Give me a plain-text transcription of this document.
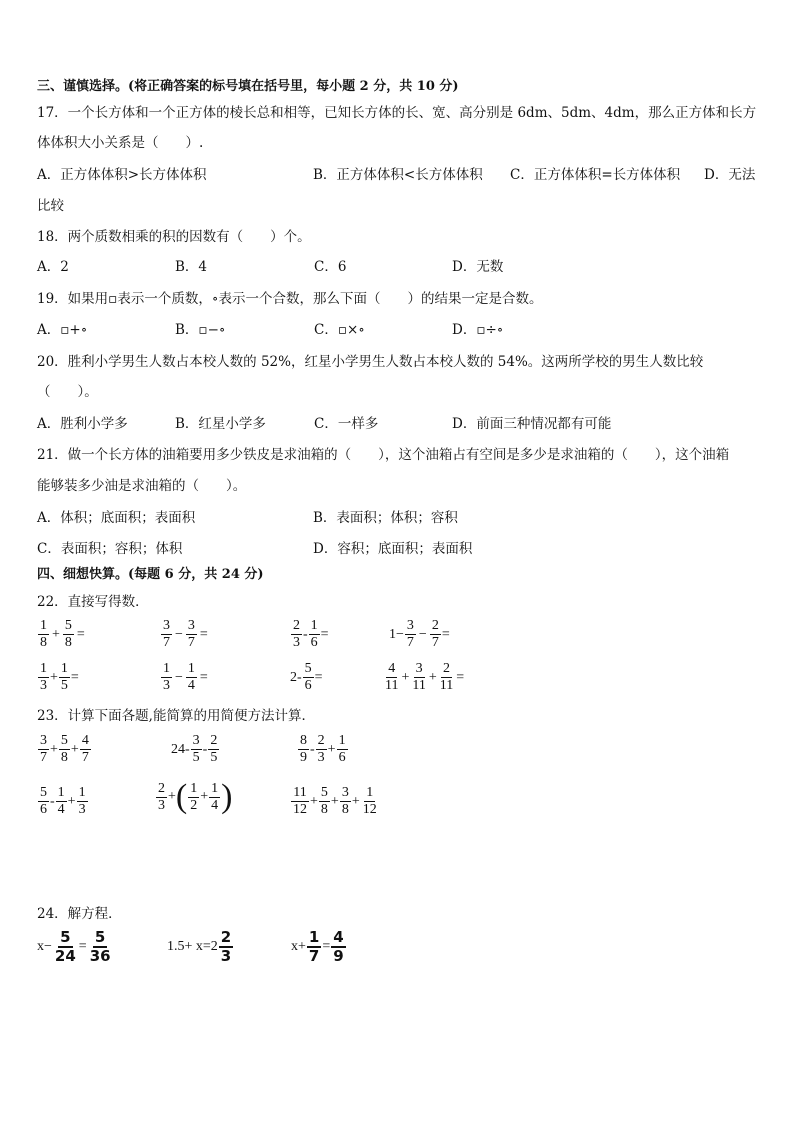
三、谨慎选择。(将正确答案的标号填在括号里，每小题 2 分，共 10 分)
17．一个长方体和一个正方体的棱长总和相等，已知长方体的长、宽、高分别是 6dm、5dm、4dm，那么正方体和长方
体体积大小关系是（　　）.
A．正方体体积>长方体体积	B．正方体体积<长方体体积 C．正方体体积=长方体体积 D．无法
比较
18．两个质数相乘的积的因数有（　　）个。
A．2	B．4	C．6	D．无数
19．如果用▫表示一个质数，∘表示一个合数，那么下面（　　）的结果一定是合数。
A．▫+∘	B．▫−∘	C．▫×∘	D．▫÷∘
20．胜利小学男生人数占本校人数的 52%，红星小学男生人数占本校人数的 54%。这两所学校的男生人数比较
（　　）。
A．胜利小学多	B．红星小学多	C．一样多	D．前面三种情况都有可能
21．做一个长方体的油箱要用多少铁皮是求油箱的（　　），这个油箱占有空间是多少是求油箱的（　　），这个油箱
能够装多少油是求油箱的（　　）。
A．体积；底面积；表面积	B．表面积；体积；容积
C．表面积；容积；体积	D．容积；底面积；表面积
四、细想快算。(每题 6 分，共 24 分)
22．直接写得数．
$\frac{1}{8} + \frac{5}{8}$ =	$\frac{3}{7} - \frac{3}{7}$ =	$\frac{2}{3} - \frac{1}{6}$ =	$1- \frac{3}{7} - \frac{2}{7}$ =
$\frac{1}{3} + \frac{1}{5}$ =	$\frac{1}{3} - \frac{1}{4}$ =	$2- \frac{5}{6}$ =	$\frac{4}{11} + \frac{3}{11} + \frac{2}{11}$ =
23．计算下面各题,能简算的用简便方法计算．
$\frac{3}{7} + \frac{5}{8} + \frac{4}{7}$	$24- \frac{3}{5} - \frac{2}{5}$	$\frac{8}{9} - \frac{2}{3} + \frac{1}{6}$
$\frac{5}{6} - \frac{1}{4} + \frac{1}{3}$	$\frac{2}{3}$ + ( $\frac{1}{2} + \frac{1}{4}$ )	$\frac{11}{12} + \frac{5}{8} + \frac{3}{8} + \frac{1}{12}$
24．解方程．
$x- \frac{5}{24} = \frac{5}{36}$	$1.5+ x=2 \frac{2}{3}$	$x+ \frac{1}{7} = \frac{4}{9}$
